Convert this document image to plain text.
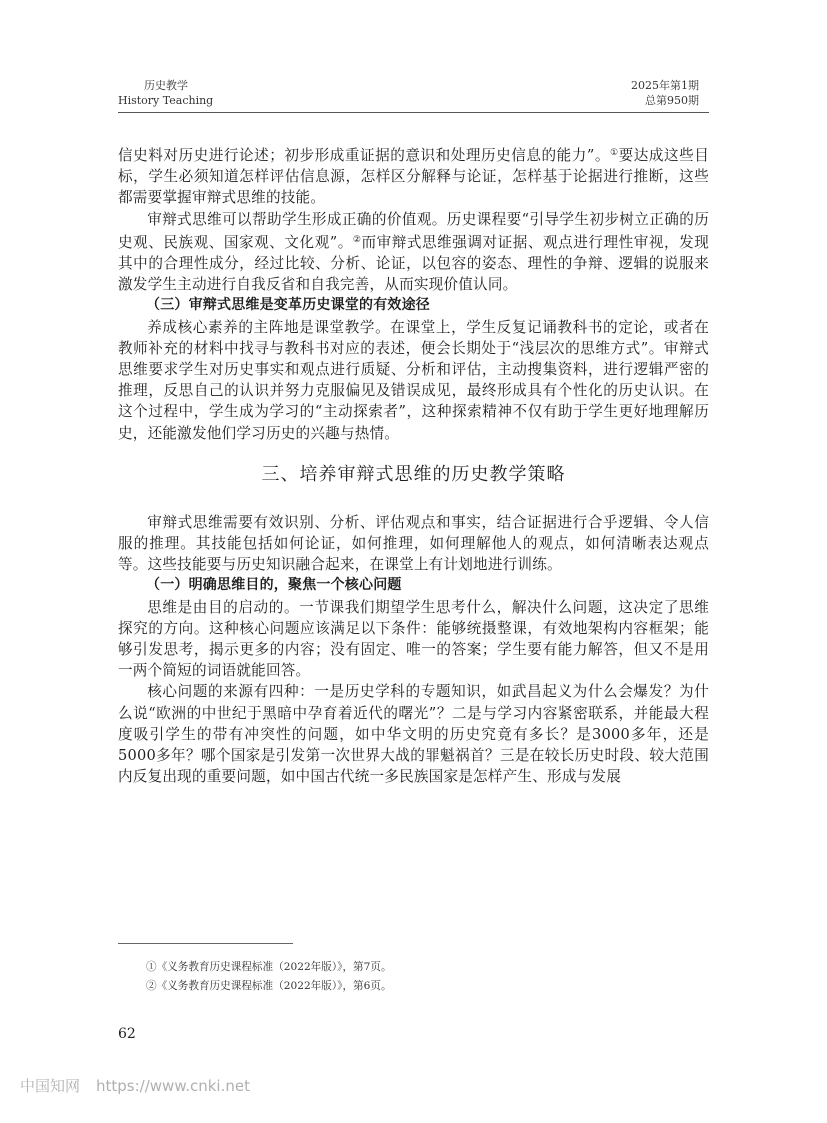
历史教学
History Teaching
2025年第1期
总第950期

信史料对历史进行论述；初步形成重证据的意识和处理历史信息的能力”。①要达成这些目标，学生必须知道怎样评估信息源，怎样区分解释与论证，怎样基于论据进行推断，这些都需要掌握审辩式思维的技能。

审辩式思维可以帮助学生形成正确的价值观。历史课程要“引导学生初步树立正确的历史观、民族观、国家观、文化观”。②而审辩式思维强调对证据、观点进行理性审视，发现其中的合理性成分，经过比较、分析、论证，以包容的姿态、理性的争辩、逻辑的说服来激发学生主动进行自我反省和自我完善，从而实现价值认同。

（三）审辩式思维是变革历史课堂的有效途径

养成核心素养的主阵地是课堂教学。在课堂上，学生反复记诵教科书的定论，或者在教师补充的材料中找寻与教科书对应的表述，便会长期处于“浅层次的思维方式”。审辩式思维要求学生对历史事实和观点进行质疑、分析和评估，主动搜集资料，进行逻辑严密的推理，反思自己的认识并努力克服偏见及错误成见，最终形成具有个性化的历史认识。在这个过程中，学生成为学习的“主动探索者”，这种探索精神不仅有助于学生更好地理解历史，还能激发他们学习历史的兴趣与热情。

三、培养审辩式思维的历史教学策略

审辩式思维需要有效识别、分析、评估观点和事实，结合证据进行合乎逻辑、令人信服的推理。其技能包括如何论证，如何推理，如何理解他人的观点，如何清晰表达观点等。这些技能要与历史知识融合起来，在课堂上有计划地进行训练。

（一）明确思维目的，聚焦一个核心问题

思维是由目的启动的。一节课我们期望学生思考什么，解决什么问题，这决定了思维探究的方向。这种核心问题应该满足以下条件：能够统摄整课，有效地架构内容框架；能够引发思考，揭示更多的内容；没有固定、唯一的答案；学生要有能力解答，但又不是用一两个简短的词语就能回答。

核心问题的来源有四种：一是历史学科的专题知识，如武昌起义为什么会爆发？为什么说“欧洲的中世纪于黑暗中孕育着近代的曙光”？二是与学习内容紧密联系，并能最大程度吸引学生的带有冲突性的问题，如中华文明的历史究竟有多长？是3000多年，还是5000多年？哪个国家是引发第一次世界大战的罪魁祸首？三是在较长历史时段、较大范围内反复出现的重要问题，如中国古代统一多民族国家是怎样产生、形成与发展

①《义务教育历史课程标准（2022年版）》，第7页。
②《义务教育历史课程标准（2022年版）》，第6页。
62
中国知网 https://www.cnki.net
